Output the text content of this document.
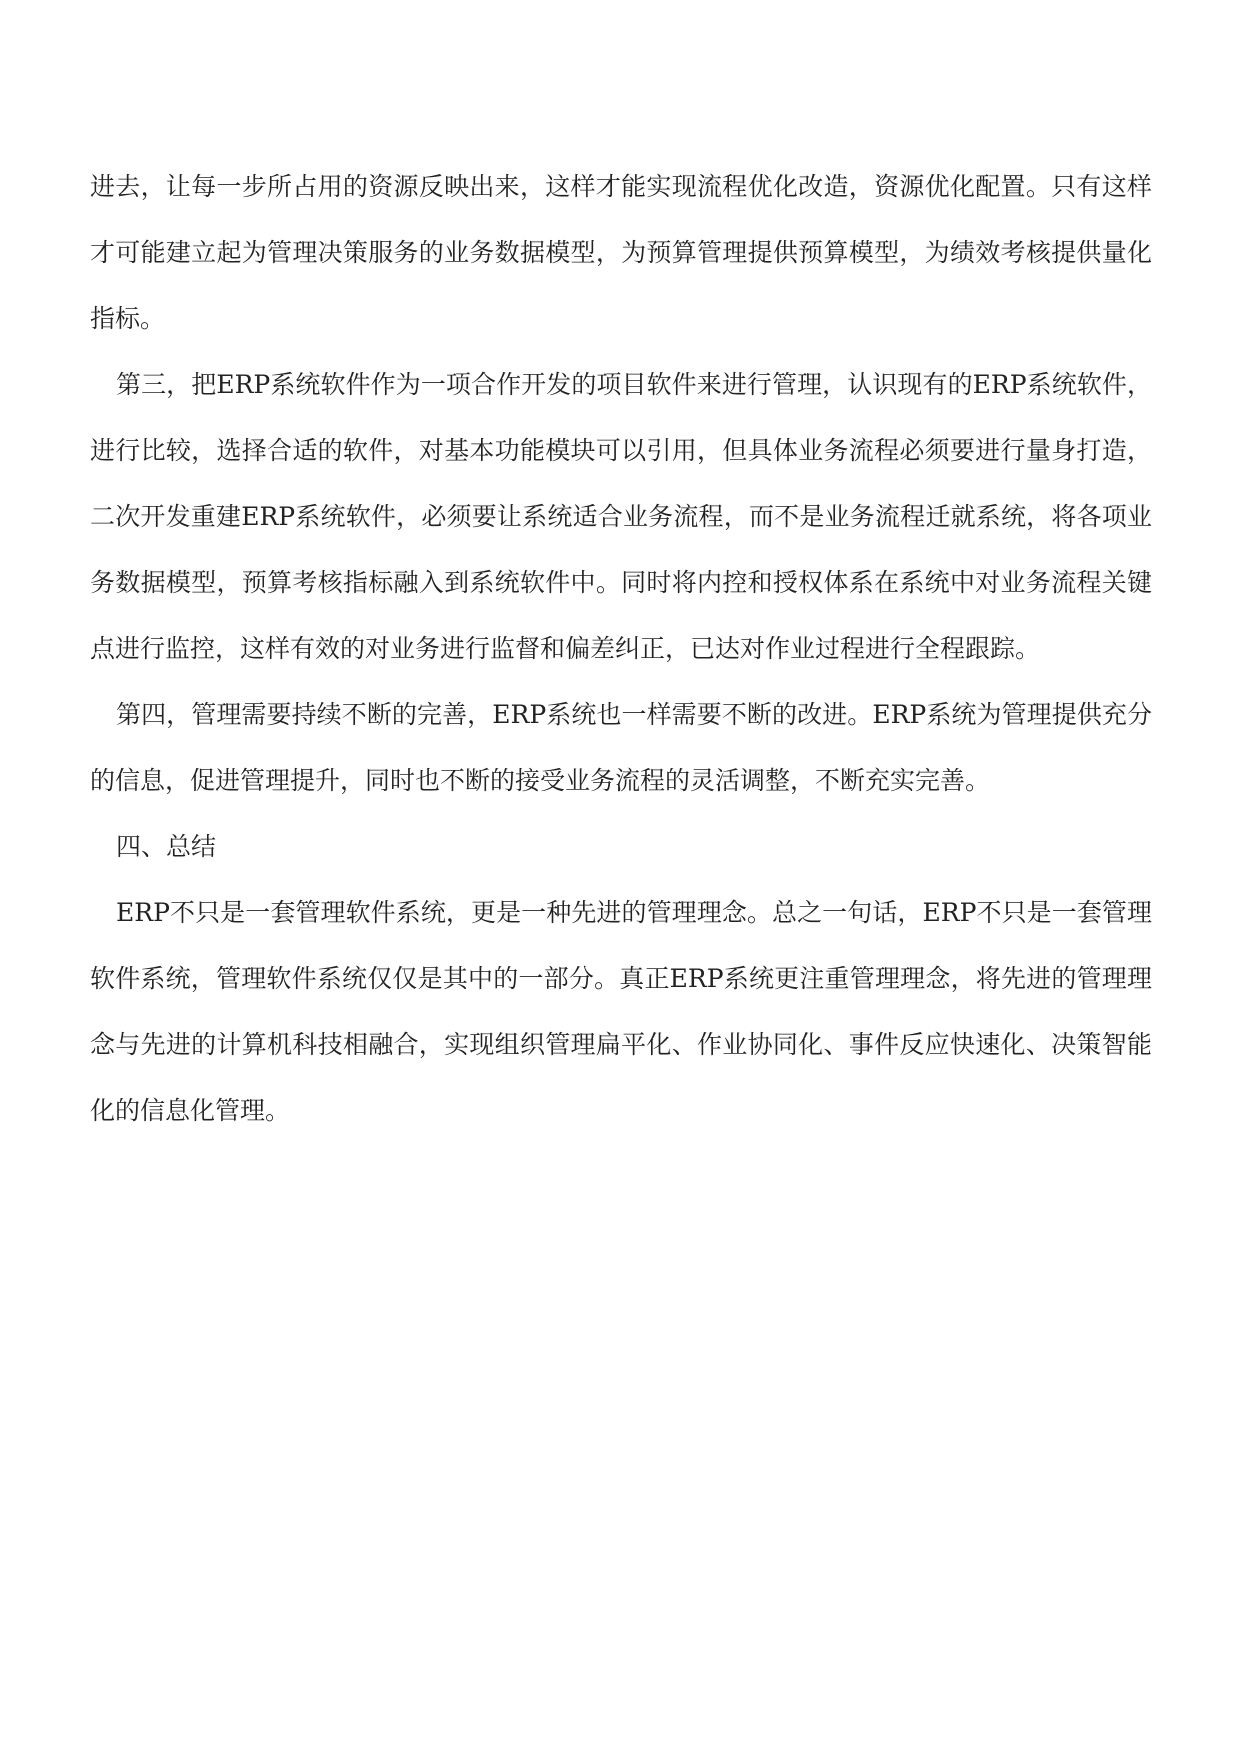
进去，让每一步所占用的资源反映出来，这样才能实现流程优化改造，资源优化配置。只有这样才可能建立起为管理决策服务的业务数据模型，为预算管理提供预算模型，为绩效考核提供量化指标。

第三，把ERP系统软件作为一项合作开发的项目软件来进行管理，认识现有的ERP系统软件，进行比较，选择合适的软件，对基本功能模块可以引用，但具体业务流程必须要进行量身打造，二次开发重建ERP系统软件，必须要让系统适合业务流程，而不是业务流程迁就系统，将各项业务数据模型，预算考核指标融入到系统软件中。同时将内控和授权体系在系统中对业务流程关键点进行监控，这样有效的对业务进行监督和偏差纠正，已达对作业过程进行全程跟踪。

第四，管理需要持续不断的完善，ERP系统也一样需要不断的改进。ERP系统为管理提供充分的信息，促进管理提升，同时也不断的接受业务流程的灵活调整，不断充实完善。

四、总结

ERP不只是一套管理软件系统，更是一种先进的管理理念。总之一句话，ERP不只是一套管理软件系统，管理软件系统仅仅是其中的一部分。真正ERP系统更注重管理理念，将先进的管理理念与先进的计算机科技相融合，实现组织管理扁平化、作业协同化、事件反应快速化、决策智能化的信息化管理。
